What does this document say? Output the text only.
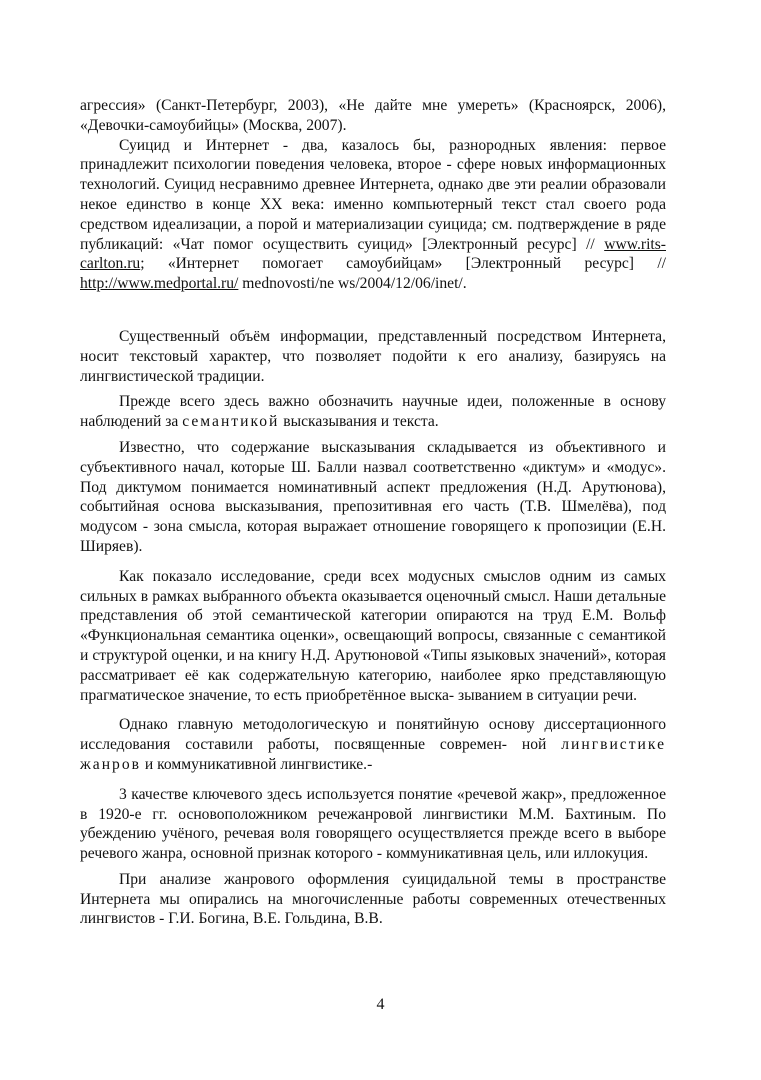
агрессия» (Санкт-Петербург, 2003), «Не дайте мне умереть» (Красноярск, 2006), «Девочки-самоубийцы» (Москва, 2007).

Суицид и Интернет - два, казалось бы, разнородных явления: первое принадлежит психологии поведения человека, второе - сфере новых информационных технологий. Суицид несравнимо древнее Интернета, однако две эти реалии образовали некое единство в конце XX века: именно компьютерный текст стал своего рода средством идеализации, а порой и материализации суицида; см. подтверждение в ряде публикаций: «Чат помог осуществить суицид» [Электронный ресурс] // www.rits-carlton.ru; «Интернет помогает самоубийцам» [Электронный ресурс] // http://www.medportal.ru/ mednovosti/ne ws/2004/12/06/inet/.

Существенный объём информации, представленный посредством Интернета, носит текстовый характер, что позволяет подойти к его анализу, базируясь на лингвистической традиции.

Прежде всего здесь важно обозначить научные идеи, положенные в основу наблюдений за семантикой высказывания и текста.

Известно, что содержание высказывания складывается из объективного и субъективного начал, которые Ш. Балли назвал соответственно «диктум» и «модус». Под диктумом понимается номинативный аспект предложения (Н.Д. Арутюнова), событийная основа высказывания, препозитивная его часть (Т.В. Шмелёва), под модусом - зона смысла, которая выражает отношение говорящего к пропозиции (Е.Н. Ширяев).

Как показало исследование, среди всех модусных смыслов одним из самых сильных в рамках выбранного объекта оказывается оценочный смысл. Наши детальные представления об этой семантической категории опираются на труд Е.М. Вольф «Функциональная семантика оценки», освещающий вопросы, связанные с семантикой и структурой оценки, и на книгу Н.Д. Арутюновой «Типы языковых значений», которая рассматривает её как содержательную категорию, наиболее ярко представляющую прагматическое значение, то есть приобретённое выска- зыванием в ситуации речи.

Однако главную методологическую и понятийную основу диссертационного исследования составили работы, посвященные современ- ной лингвистике жанров и коммуникативной лингвистике.-

3 качестве ключевого здесь используется понятие «речевой жакр», предложенное в 1920-е гг. основоположником речежанровой лингвистики М.М. Бахтиным. По убеждению учёного, речевая воля говорящего осуществляется прежде всего в выборе речевого жанра, основной признак которого - коммуникативная цель, или иллокуция.

При анализе жанрового оформления суицидальной темы в пространстве Интернета мы опирались на многочисленные работы современных отечественных лингвистов - Г.И. Богина, В.Е. Гольдина, В.В.

4
